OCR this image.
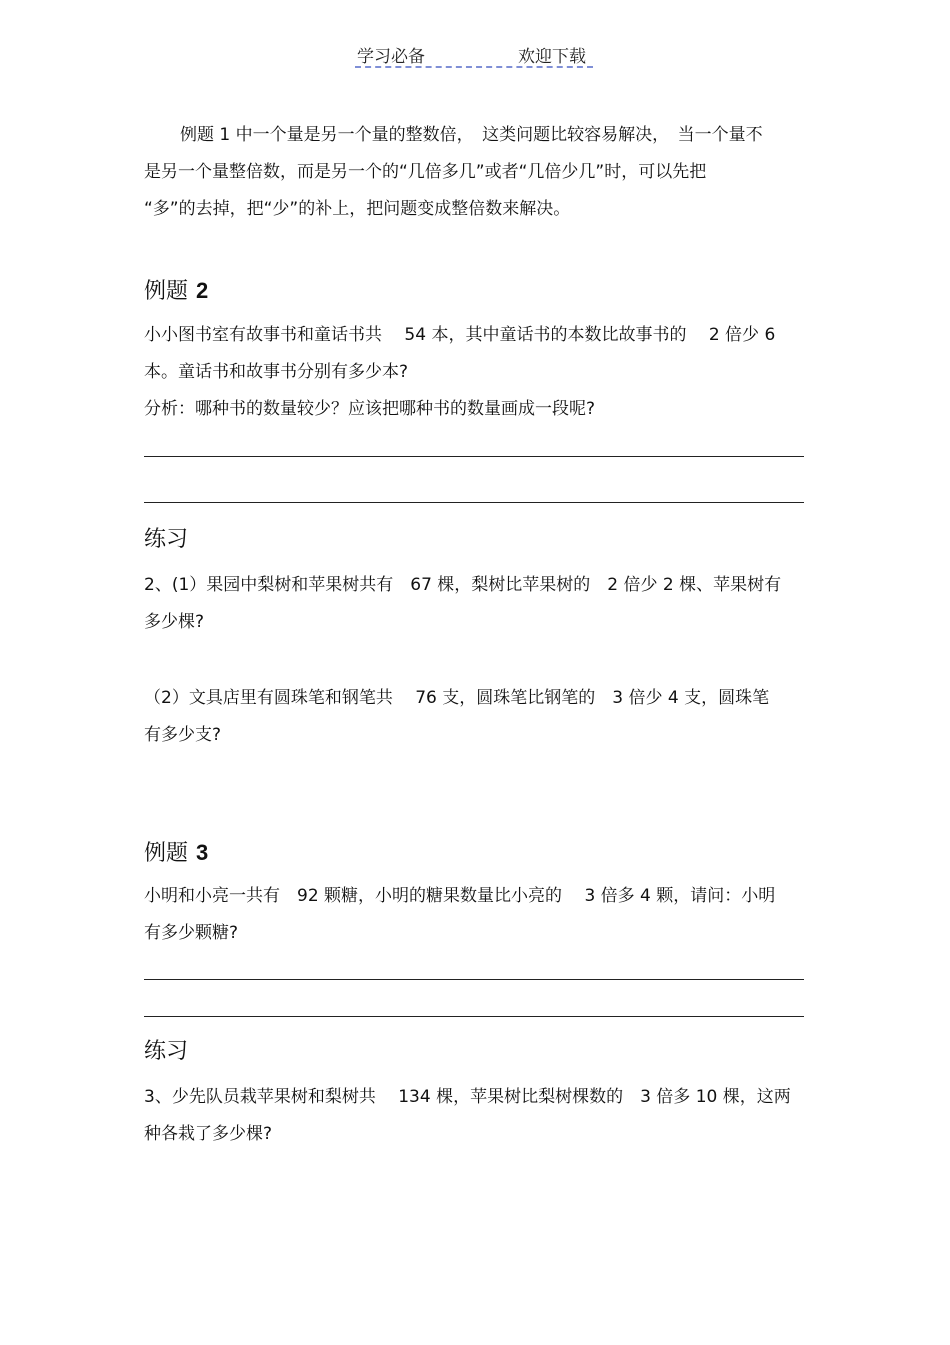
学习必备	欢迎下载

例题 1 中一个量是另一个量的整数倍，　这类问题比较容易解决，　当一个量不

是另一个量整倍数，而是另一个的“几倍多几”或者“几倍少几”时，可以先把

“多”的去掉，把“少”的补上，把问题变成整倍数来解决。

例题 2

小小图书室有故事书和童话书共　 54 本，其中童话书的本数比故事书的　 2 倍少 6

本。童话书和故事书分别有多少本?

分析：哪种书的数量较少？应该把哪种书的数量画成一段呢?

练习

2、(1）果园中梨树和苹果树共有　67 棵，梨树比苹果树的　2 倍少 2 棵、苹果树有

多少棵?

（2）文具店里有圆珠笔和钢笔共　 76 支，圆珠笔比钢笔的　3 倍少 4 支，圆珠笔

有多少支?

例题 3

小明和小亮一共有　92 颗糖，小明的糖果数量比小亮的　 3 倍多 4 颗，请问：小明

有多少颗糖?

练习

3、少先队员栽苹果树和梨树共　 134 棵，苹果树比梨树棵数的　3 倍多 10 棵，这两

种各栽了多少棵?
